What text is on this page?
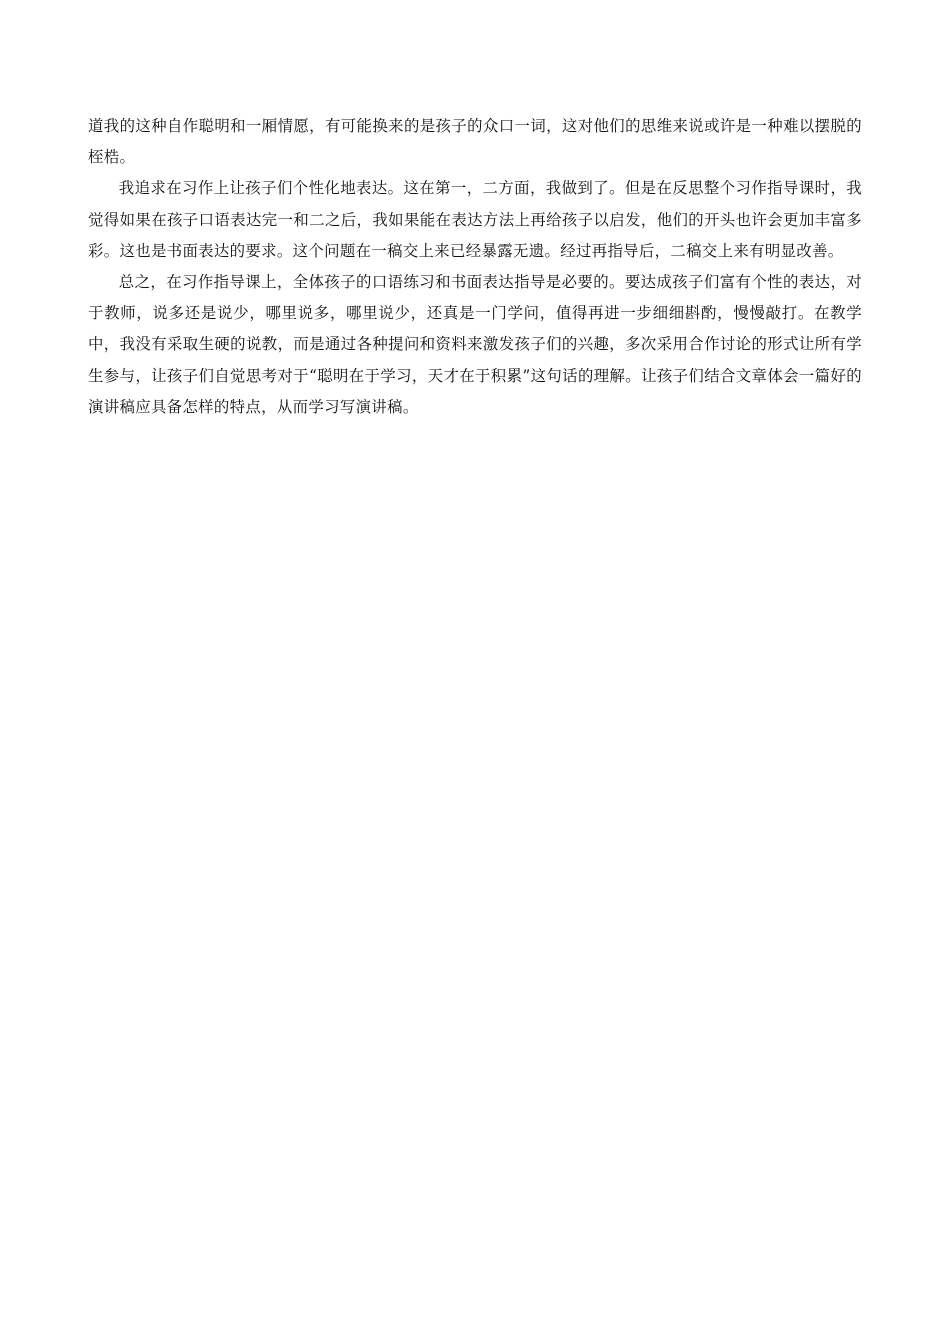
道我的这种自作聪明和一厢情愿，有可能换来的是孩子的众口一词，这对他们的思维来说或许是一种难以摆脱的桎梏。

我追求在习作上让孩子们个性化地表达。这在第一，二方面，我做到了。但是在反思整个习作指导课时，我觉得如果在孩子口语表达完一和二之后，我如果能在表达方法上再给孩子以启发，他们的开头也许会更加丰富多彩。这也是书面表达的要求。这个问题在一稿交上来已经暴露无遗。经过再指导后，二稿交上来有明显改善。

总之，在习作指导课上，全体孩子的口语练习和书面表达指导是必要的。要达成孩子们富有个性的表达，对于教师，说多还是说少，哪里说多，哪里说少，还真是一门学问，值得再进一步细细斟酌，慢慢敲打。在教学中，我没有采取生硬的说教，而是通过各种提问和资料来激发孩子们的兴趣，多次采用合作讨论的形式让所有学生参与，让孩子们自觉思考对于“聪明在于学习，天才在于积累”这句话的理解。让孩子们结合文章体会一篇好的演讲稿应具备怎样的特点，从而学习写演讲稿。
